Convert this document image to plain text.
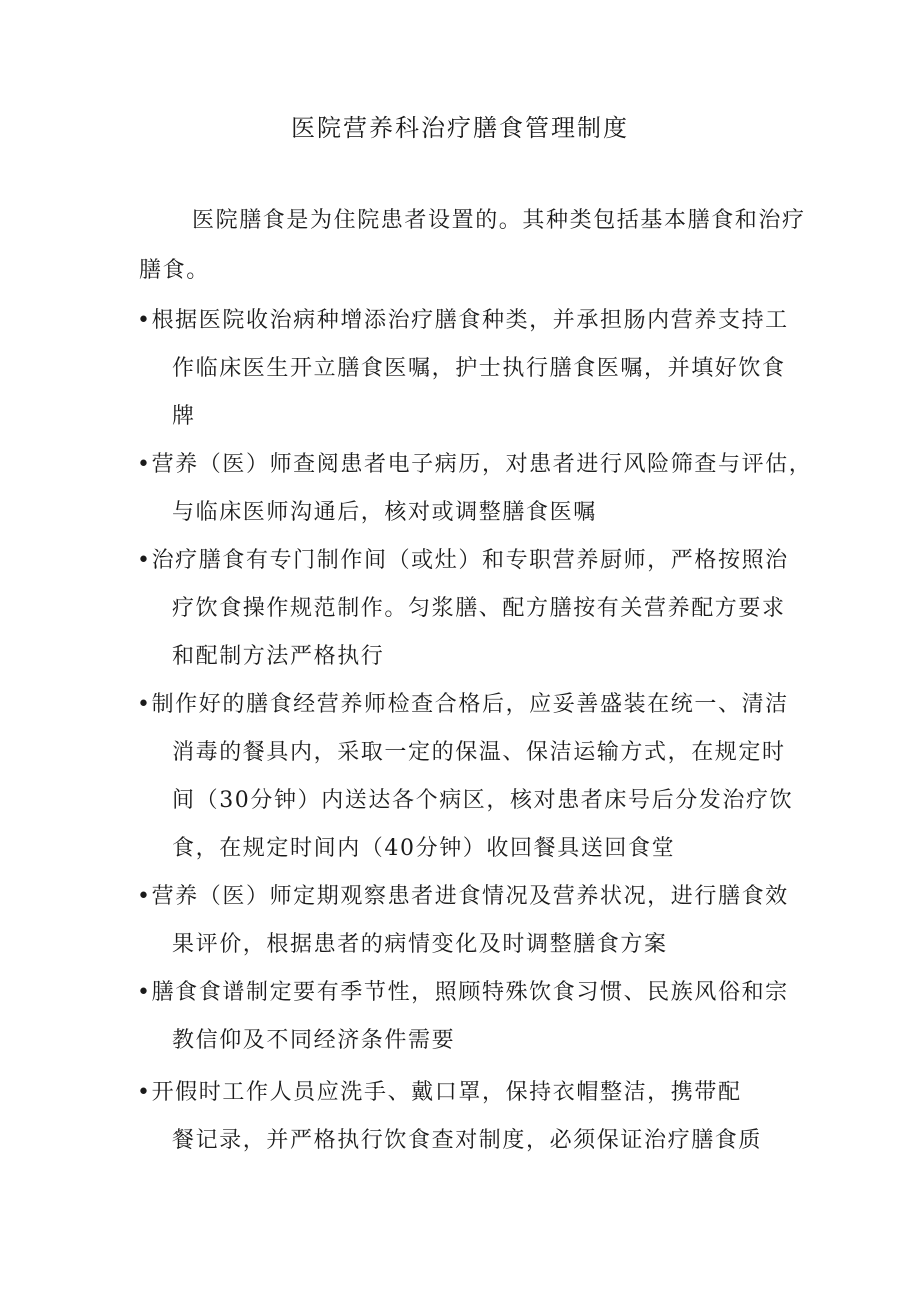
医院营养科治疗膳食管理制度
医院膳食是为住院患者设置的。其种类包括基本膳食和治疗
膳食。
•根据医院收治病种增添治疗膳食种类，并承担肠内营养支持工
作临床医生开立膳食医嘱，护士执行膳食医嘱，并填好饮食
牌
•营养（医）师查阅患者电子病历，对患者进行风险筛查与评估，
与临床医师沟通后，核对或调整膳食医嘱
•治疗膳食有专门制作间（或灶）和专职营养厨师，严格按照治
疗饮食操作规范制作。匀浆膳、配方膳按有关营养配方要求
和配制方法严格执行
•制作好的膳食经营养师检查合格后，应妥善盛装在统一、清洁
消毒的餐具内，采取一定的保温、保洁运输方式，在规定时
间（30分钟）内送达各个病区，核对患者床号后分发治疗饮
食，在规定时间内（40分钟）收回餐具送回食堂
•营养（医）师定期观察患者进食情况及营养状况，进行膳食效
果评价，根据患者的病情变化及时调整膳食方案
•膳食食谱制定要有季节性，照顾特殊饮食习惯、民族风俗和宗
教信仰及不同经济条件需要
•开假时工作人员应洗手、戴口罩，保持衣帽整洁，携带配
餐记录，并严格执行饮食查对制度，必须保证治疗膳食质
